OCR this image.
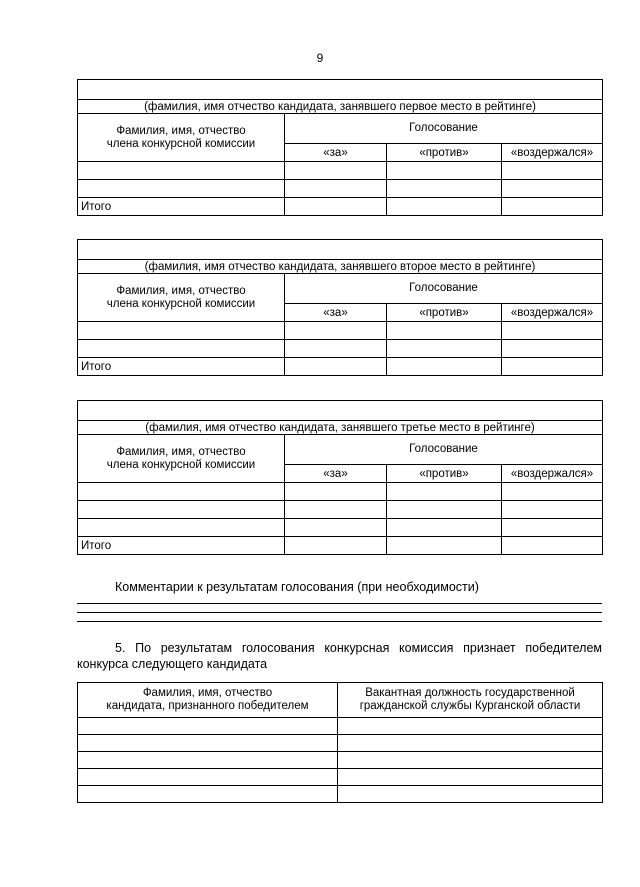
9

(фамилия, имя отчество кандидата, занявшего первое место в рейтинге)			
Фамилия, имя, отчество
члена конкурсной комиссии	Голосование		
	«за»	«против»	«воздержался»

Итого			

(фамилия, имя отчество кандидата, занявшего второе место в рейтинге)			
Фамилия, имя, отчество
члена конкурсной комиссии	Голосование		
	«за»	«против»	«воздержался»

Итого			

(фамилия, имя отчество кандидата, занявшего третье место в рейтинге)			
Фамилия, имя, отчество
члена конкурсной комиссии	Голосование		
	«за»	«против»	«воздержался»

Итого			
Комментарии к результатам голосования (при необходимости)
5. По результатам голосования конкурсная комиссия признает победителем
конкурса следующего кандидата
Фамилия, имя, отчество
кандидата, признанного победителем	Вакантная должность государственной
гражданской службы Курганской области
